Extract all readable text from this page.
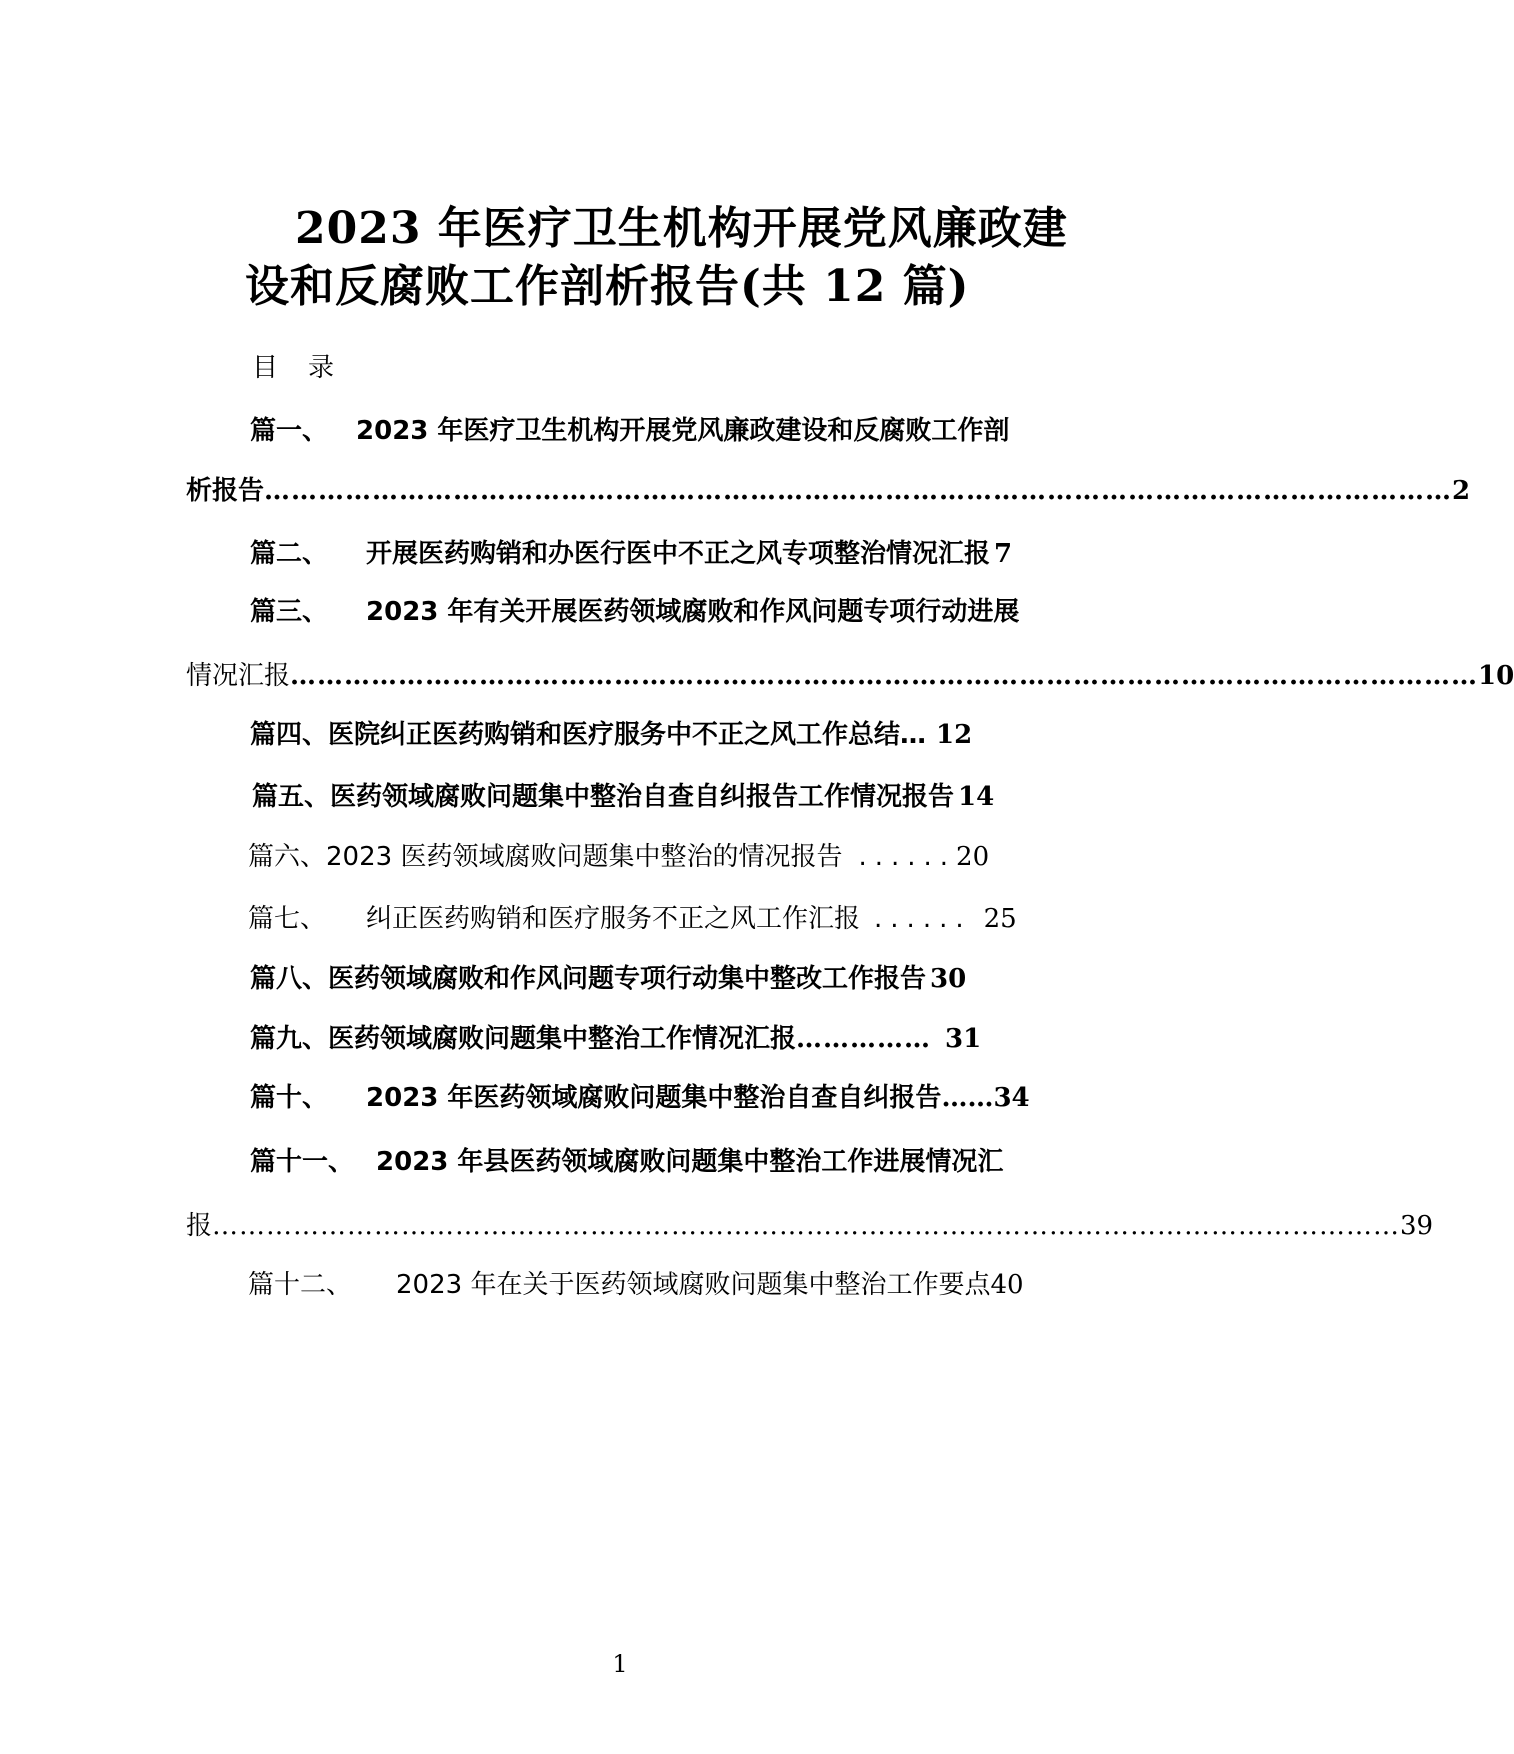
2023 年医疗卫生机构开展党风廉政建
设和反腐败工作剖析报告(共 12 篇)
目录
篇一、 2023 年医疗卫生机构开展党风廉政建设和反腐败工作剖
析报告 …………………………………………………………………………………………………………………… 2
篇二、 开展医药购销和办医行医中不正之风专项整治情况汇报 7
篇三、 2023 年有关开展医药领域腐败和作风问题专项行动进展
情况汇报 …………………………………………………………………………………………………………………… 10
篇四、 医院纠正医药购销和医疗服务中不正之风工作总结 … 12
篇五、 医药领域腐败问题集中整治自查自纠报告工作情况报告 14
篇六、 2023 医药领域腐败问题集中整治的情况报告 ...... 20
篇七、 纠正医药购销和医疗服务不正之风工作汇报 ...... 25
篇八、 医药领域腐败和作风问题专项行动集中整改工作报告 30
篇九、 医药领域腐败问题集中整治工作情况汇报 …………… 31
篇十、 2023 年医药领域腐败问题集中整治自查自纠报告 …… 34
篇十一、 2023 年县医药领域腐败问题集中整治工作进展情况汇
报 …………………………………………………………………………………………………………………… 39
篇十二、 2023 年在关于医药领域腐败问题集中整治工作要点 40
1
